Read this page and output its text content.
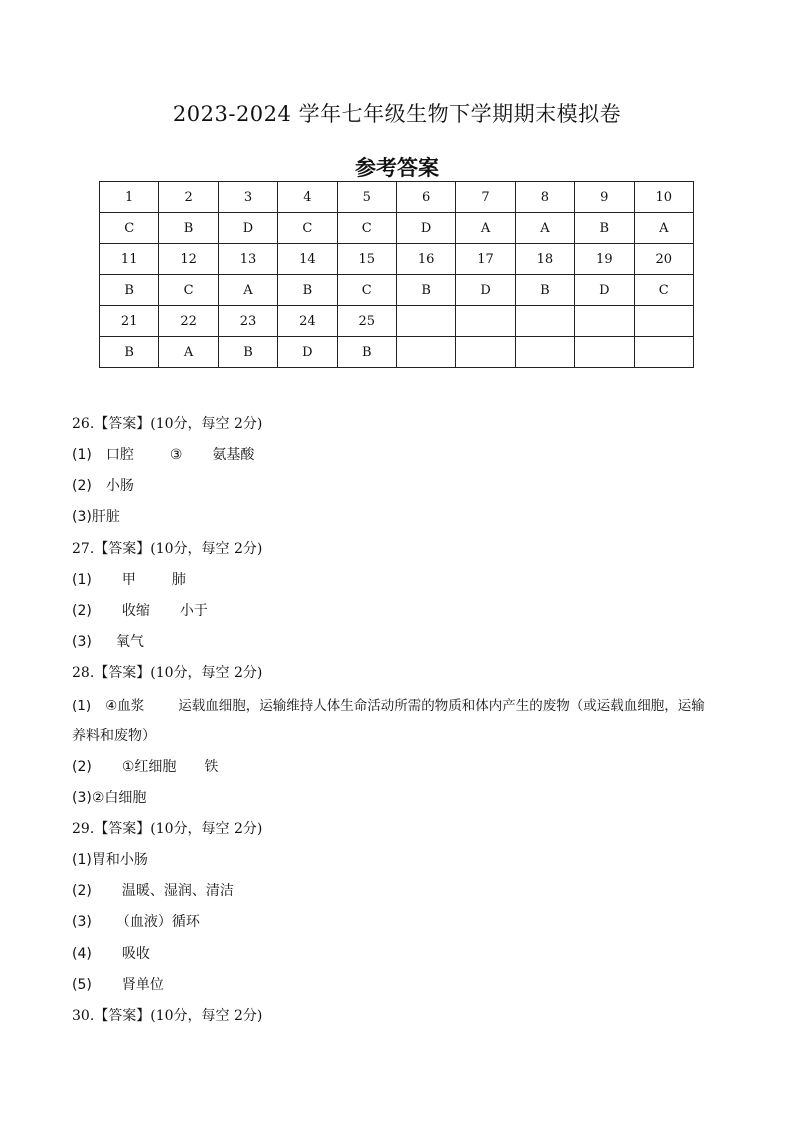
2023-2024 学年七年级生物下学期期末模拟卷
参考答案
1	2	3	4	5	6	7	8	9	10
C	B	D	C	C	D	A	A	B	A
11	12	13	14	15	16	17	18	19	20
B	C	A	B	C	B	D	B	D	C
21	22	23	24	25					
B	A	B	D	B					
26.【答案】(10分，每空 2分)
(1) 口腔	③ 氨基酸
(2) 小肠
(3)肝脏
27.【答案】(10分，每空 2分)
(1) 甲	肺
(2) 收缩 小于
(3) 氧气
28.【答案】(10分，每空 2分)
(1) ④血浆	运载血细胞，运输维持人体生命活动所需的物质和体内产生的废物（或运载血细胞，运输
养料和废物）
(2) ①红细胞 铁
(3)②白细胞
29.【答案】(10分，每空 2分)
(1)胃和小肠
(2) 温暖、湿润、清洁
(3) （血液）循环
(4) 吸收
(5) 肾单位
30.【答案】(10分，每空 2分)
